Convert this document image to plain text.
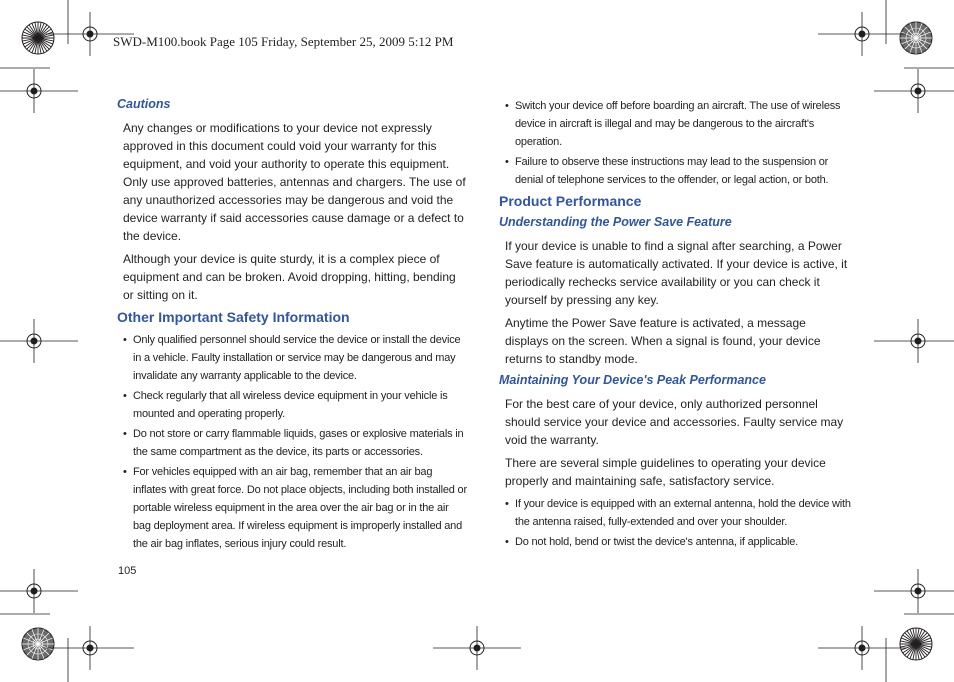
SWD-M100.book Page 105 Friday, September 25, 2009 5:12 PM
Cautions

Any changes or modifications to your device not expressly approved in this document could void your warranty for this equipment, and void your authority to operate this equipment. Only use approved batteries, antennas and chargers. The use of any unauthorized accessories may be dangerous and void the device warranty if said accessories cause damage or a defect to the device.

Although your device is quite sturdy, it is a complex piece of equipment and can be broken. Avoid dropping, hitting, bending or sitting on it.

Other Important Safety Information
• Only qualified personnel should service the device or install the device in a vehicle. Faulty installation or service may be dangerous and may invalidate any warranty applicable to the device.
• Check regularly that all wireless device equipment in your vehicle is mounted and operating properly.
• Do not store or carry flammable liquids, gases or explosive materials in the same compartment as the device, its parts or accessories.
• For vehicles equipped with an air bag, remember that an air bag inflates with great force. Do not place objects, including both installed or portable wireless equipment in the area over the air bag or in the air bag deployment area. If wireless equipment is improperly installed and the air bag inflates, serious injury could result.
• Switch your device off before boarding an aircraft. The use of wireless device in aircraft is illegal and may be dangerous to the aircraft's operation.
• Failure to observe these instructions may lead to the suspension or denial of telephone services to the offender, or legal action, or both.
Product Performance
Understanding the Power Save Feature

If your device is unable to find a signal after searching, a Power Save feature is automatically activated. If your device is active, it periodically rechecks service availability or you can check it yourself by pressing any key.

Anytime the Power Save feature is activated, a message displays on the screen. When a signal is found, your device returns to standby mode.

Maintaining Your Device's Peak Performance

For the best care of your device, only authorized personnel should service your device and accessories. Faulty service may void the warranty.

There are several simple guidelines to operating your device properly and maintaining safe, satisfactory service.

• If your device is equipped with an external antenna, hold the device with the antenna raised, fully-extended and over your shoulder.
• Do not hold, bend or twist the device's antenna, if applicable.
105
